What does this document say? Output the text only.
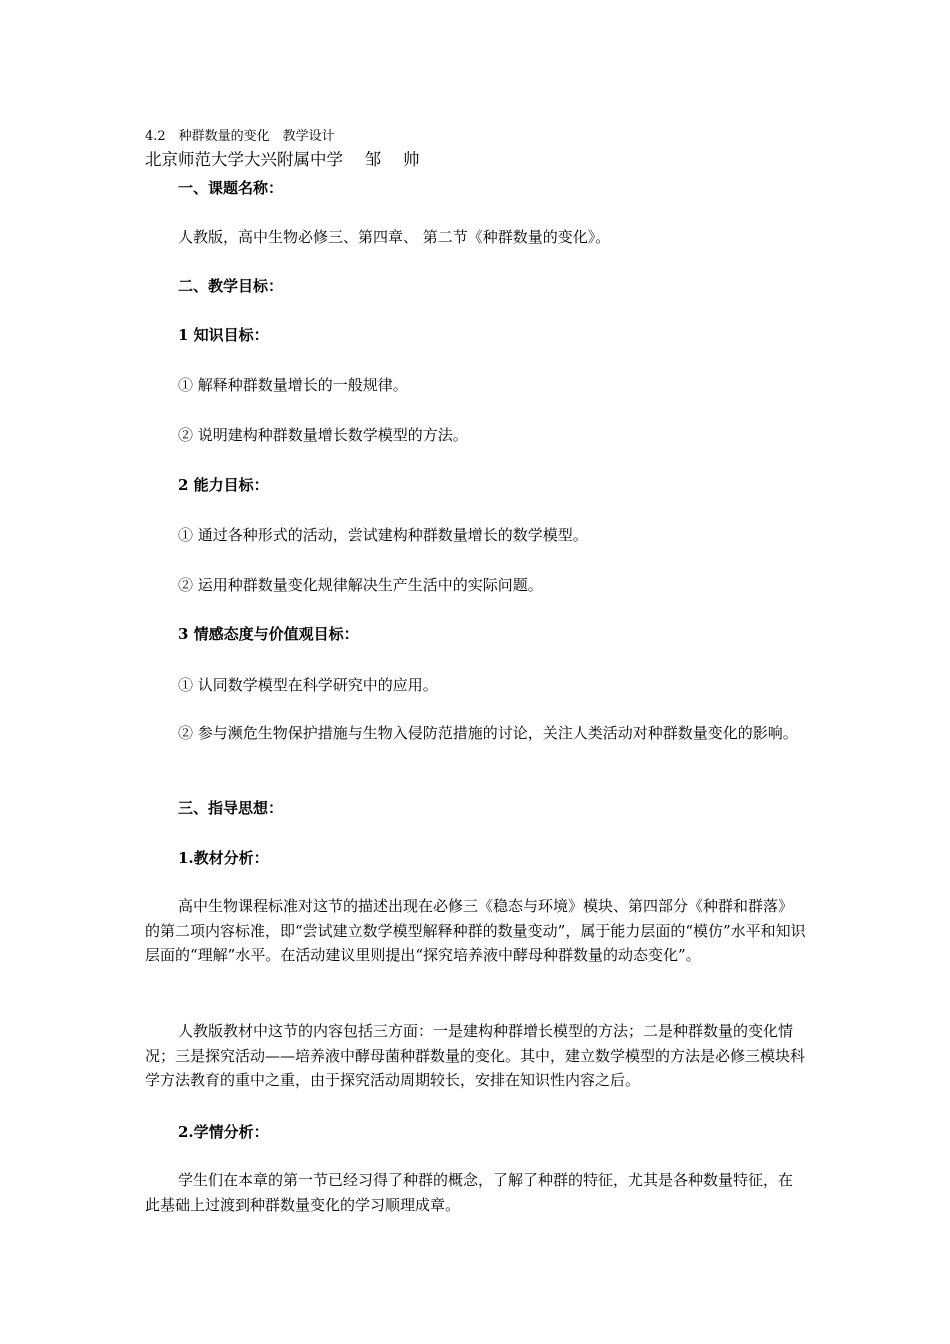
4.2　种群数量的变化　教学设计
北京师范大学大兴附属中学　 邹　 帅
一、课题名称：
人教版，高中生物必修三、第四章、 第二节《种群数量的变化》。
二、教学目标：
1 知识目标：
① 解释种群数量增长的一般规律。
② 说明建构种群数量增长数学模型的方法。
2 能力目标：
① 通过各种形式的活动，尝试建构种群数量增长的数学模型。
② 运用种群数量变化规律解决生产生活中的实际问题。
3 情感态度与价值观目标：
① 认同数学模型在科学研究中的应用。
② 参与濒危生物保护措施与生物入侵防范措施的讨论，关注人类活动对种群数量变化的影响。
三、指导思想：
1.教材分析：
高中生物课程标准对这节的描述出现在必修三《稳态与环境》模块、第四部分《种群和群落》的第二项内容标准，即“尝试建立数学模型解释种群的数量变动”，属于能力层面的“模仿”水平和知识层面的“理解”水平。在活动建议里则提出“探究培养液中酵母种群数量的动态变化”。
人教版教材中这节的内容包括三方面：一是建构种群增长模型的方法；二是种群数量的变化情况；三是探究活动——培养液中酵母菌种群数量的变化。其中，建立数学模型的方法是必修三模块科学方法教育的重中之重，由于探究活动周期较长，安排在知识性内容之后。
2.学情分析：
学生们在本章的第一节已经习得了种群的概念，了解了种群的特征，尤其是各种数量特征，在此基础上过渡到种群数量变化的学习顺理成章。
